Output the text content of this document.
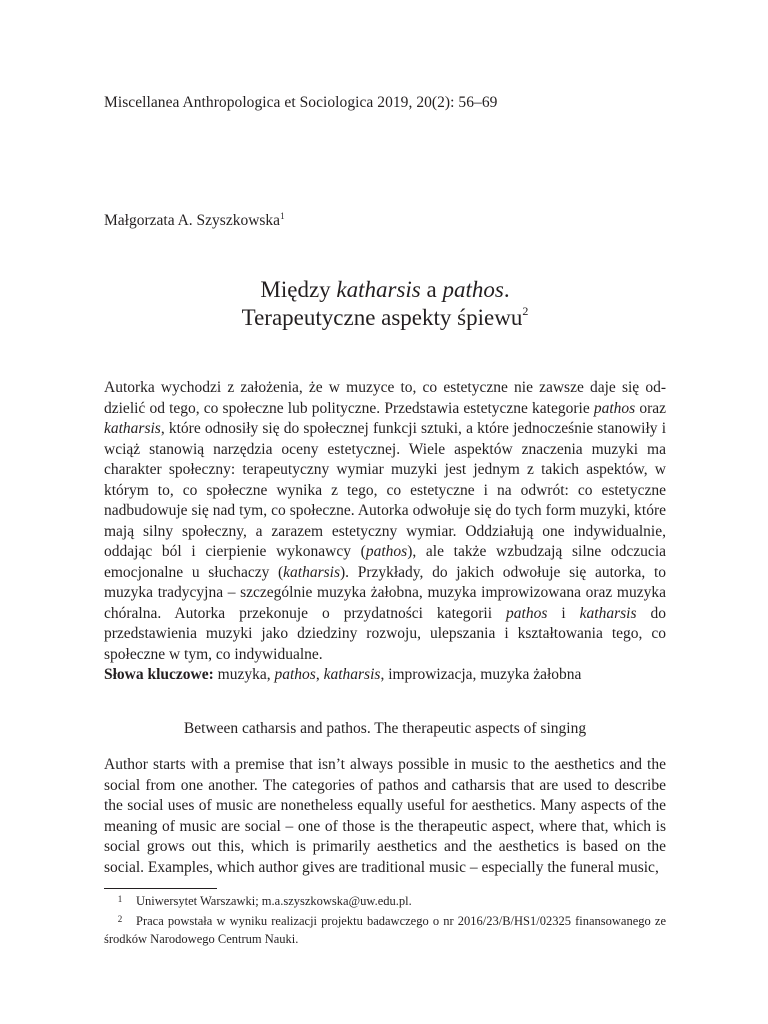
Miscellanea Anthropologica et Sociologica 2019, 20(2): 56–69
Małgorzata A. Szyszkowska$^1$
Między katharsis a pathos.
Terapeutyczne aspekty śpiewu$^2$

Autorka wychodzi z założenia, że w muzyce to, co estetyczne nie zawsze daje się oddzielić od tego, co społeczne lub polityczne. Przedstawia estetyczne kategorie pathos oraz katharsis, które odnosiły się do społecznej funkcji sztuki, a które jednocześnie stanowiły i wciąż stanowią narzędzia oceny estetycznej. Wiele aspektów znaczenia muzyki ma charakter społeczny: terapeutyczny wymiar muzyki jest jednym z takich aspektów, w którym to, co społeczne wynika z tego, co estetyczne i na odwrót: co estetyczne nadbudowuje się nad tym, co społeczne. Autorka odwołuje się do tych form muzyki, które mają silny społeczny, a zarazem estetyczny wymiar. Oddziałują one indywidualnie, oddając ból i cierpienie wykonawcy (pathos), ale także wzbudzają silne odczucia emocjonalne u słuchaczy (katharsis). Przykłady, do jakich odwołuje się autorka, to muzyka tradycyjna – szczególnie muzyka żałobna, muzyka improwizowana oraz muzyka chóralna. Autorka przekonuje o przydatności kategorii pathos i katharsis do przedstawienia muzyki jako dziedziny rozwoju, ulepszania i kształtowania tego, co społeczne w tym, co indywidualne.

Słowa kluczowe: muzyka, pathos, katharsis, improwizacja, muzyka żałobna

Between catharsis and pathos. The therapeutic aspects of singing

Author starts with a premise that isn’t always possible in music to the aesthetics and the social from one another. The categories of pathos and catharsis that are used to describe the social uses of music are nonetheless equally useful for aesthetics. Many aspects of the meaning of music are social – one of those is the therapeutic aspect, where that, which is social grows out this, which is primarily aesthetics and the aesthetics is based on the social. Examples, which author gives are traditional music – especially the funeral music,

1 Uniwersytet Warszawki; m.a.szyszkowska@uw.edu.pl.

2 Praca powstała w wyniku realizacji projektu badawczego o nr 2016/23/B/HS1/02325 finansowanego ze środków Narodowego Centrum Nauki.
